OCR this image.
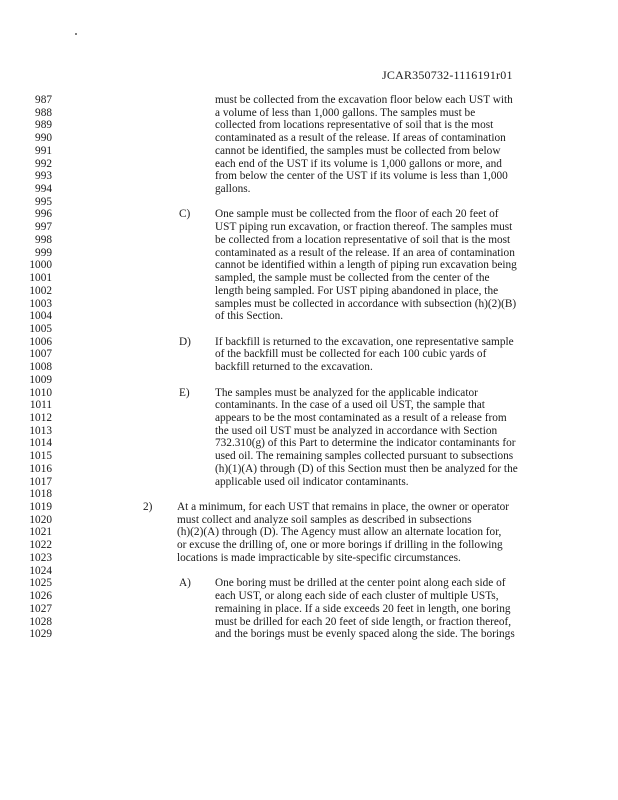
JCAR350732-1116191r01
987	must be collected from the excavation floor below each UST with
988	a volume of less than 1,000 gallons. The samples must be
989	collected from locations representative of soil that is the most
990	contaminated as a result of the release. If areas of contamination
991	cannot be identified, the samples must be collected from below
992	each end of the UST if its volume is 1,000 gallons or more, and
993	from below the center of the UST if its volume is less than 1,000
994	gallons.
995
996	C) One sample must be collected from the floor of each 20 feet of
997	UST piping run excavation, or fraction thereof. The samples must
998	be collected from a location representative of soil that is the most
999	contaminated as a result of the release. If an area of contamination
1000	cannot be identified within a length of piping run excavation being
1001	sampled, the sample must be collected from the center of the
1002	length being sampled. For UST piping abandoned in place, the
1003	samples must be collected in accordance with subsection (h)(2)(B)
1004	of this Section.
1005
1006	D) If backfill is returned to the excavation, one representative sample
1007	of the backfill must be collected for each 100 cubic yards of
1008	backfill returned to the excavation.
1009
1010	E) The samples must be analyzed for the applicable indicator
1011	contaminants. In the case of a used oil UST, the sample that
1012	appears to be the most contaminated as a result of a release from
1013	the used oil UST must be analyzed in accordance with Section
1014	732.310(g) of this Part to determine the indicator contaminants for
1015	used oil. The remaining samples collected pursuant to subsections
1016	(h)(1)(A) through (D) of this Section must then be analyzed for the
1017	applicable used oil indicator contaminants.
1018
1019	2) At a minimum, for each UST that remains in place, the owner or operator
1020	must collect and analyze soil samples as described in subsections
1021	(h)(2)(A) through (D). The Agency must allow an alternate location for,
1022	or excuse the drilling of, one or more borings if drilling in the following
1023	locations is made impracticable by site-specific circumstances.
1024
1025	A) One boring must be drilled at the center point along each side of
1026	each UST, or along each side of each cluster of multiple USTs,
1027	remaining in place. If a side exceeds 20 feet in length, one boring
1028	must be drilled for each 20 feet of side length, or fraction thereof,
1029	and the borings must be evenly spaced along the side. The borings
